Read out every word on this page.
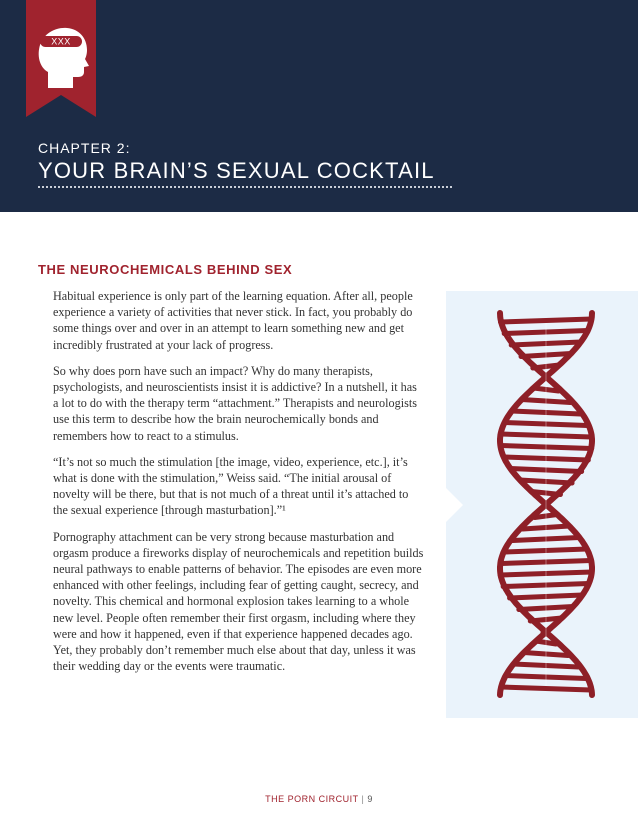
XXX
CHAPTER 2:
YOUR BRAIN’S SEXUAL COCKTAIL
THE NEUROCHEMICALS BEHIND SEX

Habitual experience is only part of the learning equation. After all, people experience a variety of activities that never stick. In fact, you probably do some things over and over in an attempt to learn something new and get incredibly frustrated at your lack of progress.

So why does porn have such an impact? Why do many therapists, psychologists, and neuroscientists insist it is addictive? In a nutshell, it has a lot to do with the therapy term “attachment.” Therapists and neurologists use this term to describe how the brain neurochemically bonds and remembers how to react to a stimulus.

“It’s not so much the stimulation [the image, video, experience, etc.], it’s what is done with the stimulation,” Weiss said. “The initial arousal of novelty will be there, but that is not much of a threat until it’s attached to the sexual experience [through masturbation].”¹

Pornography attachment can be very strong because masturbation and orgasm produce a fireworks display of neurochemicals and repetition builds neural pathways to enable patterns of behavior. The episodes are even more enhanced with other feelings, including fear of getting caught, secrecy, and novelty. This chemical and hormonal explosion takes learning to a whole new level. People often remember their first orgasm, including where they were and how it happened, even if that experience happened decades ago. Yet, they probably don’t remember much else about that day, unless it was their wedding day or the events were traumatic.

THE PORN CIRCUIT | 9
